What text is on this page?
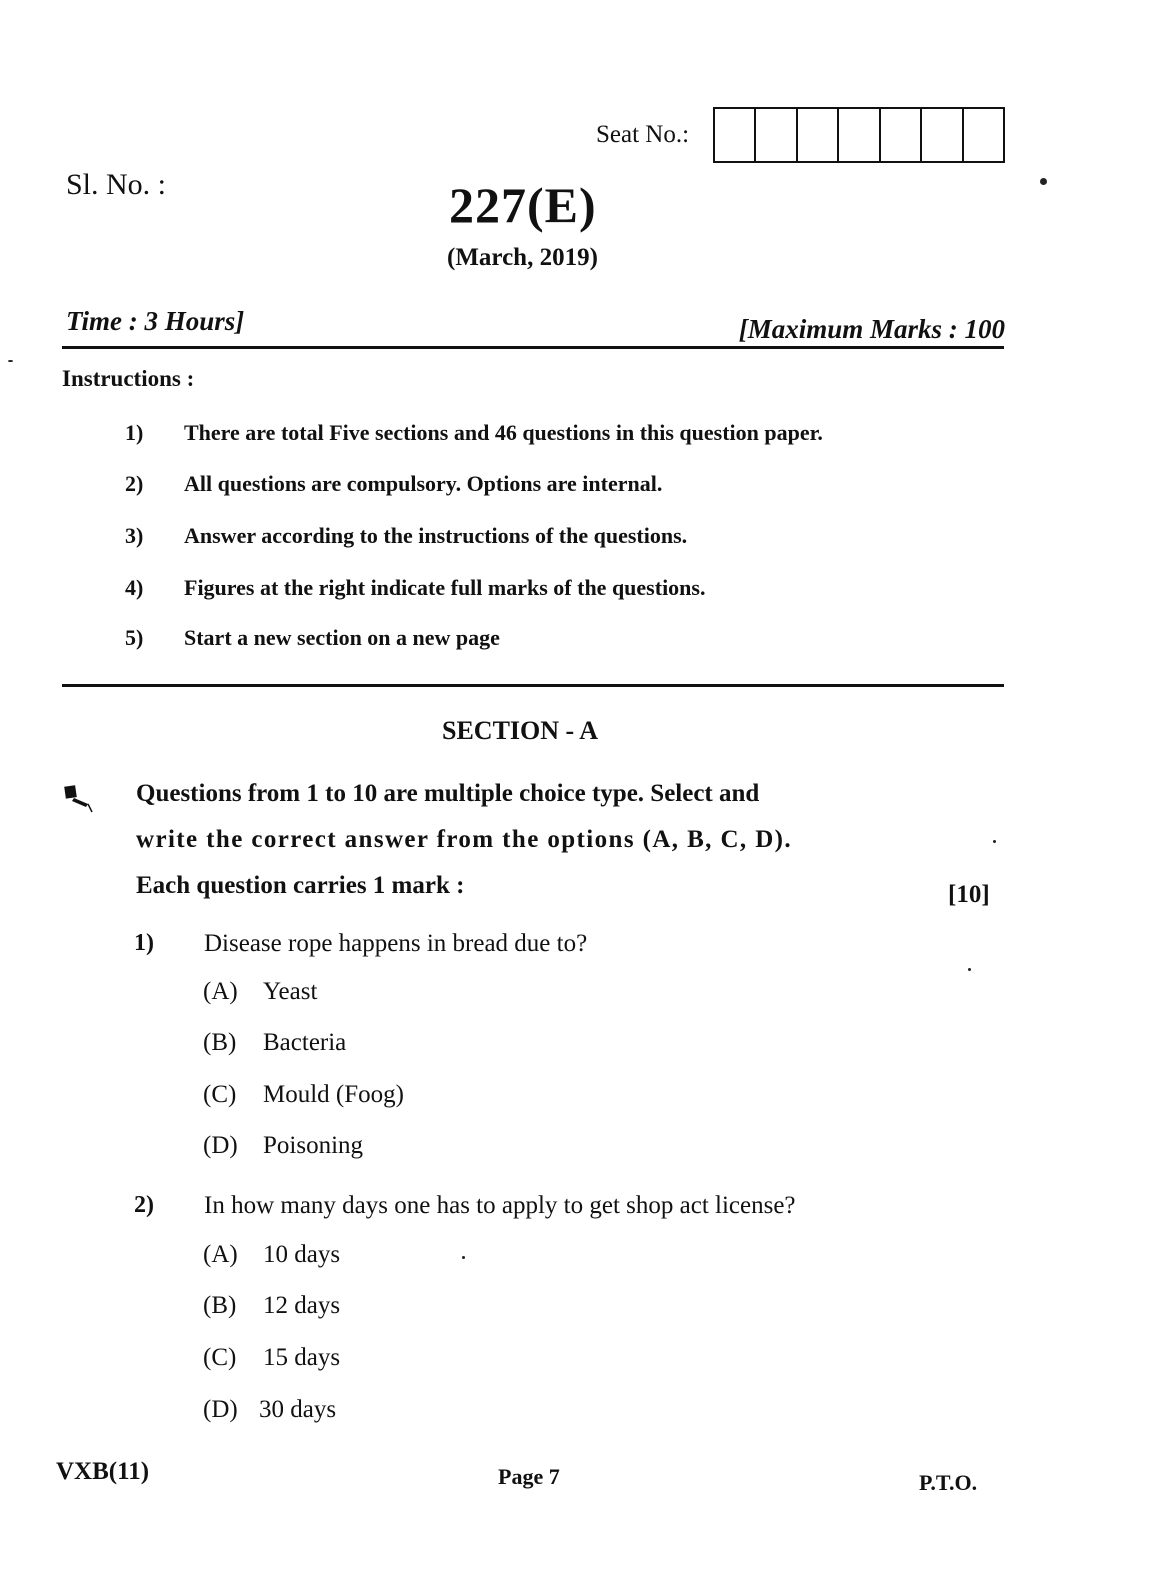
Seat No.:
Sl. No. :	227(E)
(March, 2019)
Time : 3 Hours]	[Maximum Marks : 100
Instructions :
1) There are total Five sections and 46 questions in this question paper.
2) All questions are compulsory. Options are internal.
3) Answer according to the instructions of the questions.
4) Figures at the right indicate full marks of the questions.
5) Start a new section on a new page
SECTION - A
Questions from 1 to 10 are multiple choice type. Select and
write the correct answer from the options (A, B, C, D).
Each question carries 1 mark :	[10]
1) Disease rope happens in bread due to?
(A) Yeast
(B) Bacteria
(C) Mould (Foog)
(D) Poisoning
2) In how many days one has to apply to get shop act license?
(A) 10 days
(B) 12 days
(C) 15 days
(D) 30 days
VXB(11)	Page 7	P.T.O.
